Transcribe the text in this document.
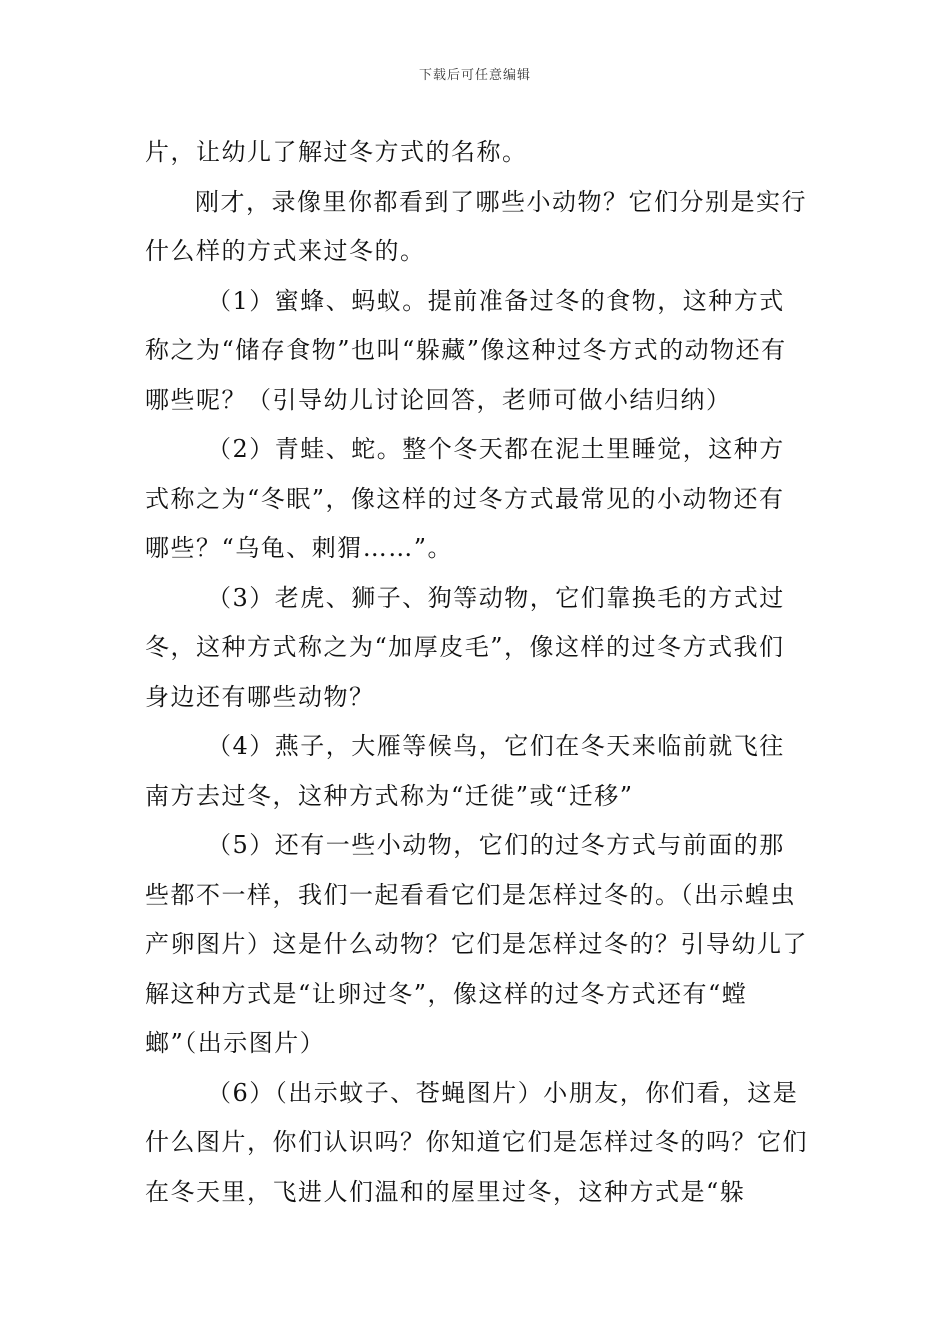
下载后可任意编辑

片，让幼儿了解过冬方式的名称。

刚才，录像里你都看到了哪些小动物？它们分别是实行什么样的方式来过冬的。

（1）蜜蜂、蚂蚁。提前准备过冬的食物，这种方式称之为“储存食物”也叫“躲藏”像这种过冬方式的动物还有哪些呢？（引导幼儿讨论回答，老师可做小结归纳）

（2）青蛙、蛇。整个冬天都在泥土里睡觉，这种方式称之为“冬眠”，像这样的过冬方式最常见的小动物还有哪些？“乌龟、刺猬……”。

（3）老虎、狮子、狗等动物，它们靠换毛的方式过冬，这种方式称之为“加厚皮毛”，像这样的过冬方式我们身边还有哪些动物？

（4）燕子，大雁等候鸟，它们在冬天来临前就飞往南方去过冬，这种方式称为“迁徙”或“迁移”

（5）还有一些小动物，它们的过冬方式与前面的那些都不一样，我们一起看看它们是怎样过冬的。（出示蝗虫产卵图片）这是什么动物？它们是怎样过冬的？引导幼儿了解这种方式是“让卵过冬”，像这样的过冬方式还有“螳螂”（出示图片）

（6）（出示蚊子、苍蝇图片）小朋友，你们看，这是什么图片，你们认识吗？你知道它们是怎样过冬的吗？它们在冬天里，飞进人们温和的屋里过冬，这种方式是“躲
